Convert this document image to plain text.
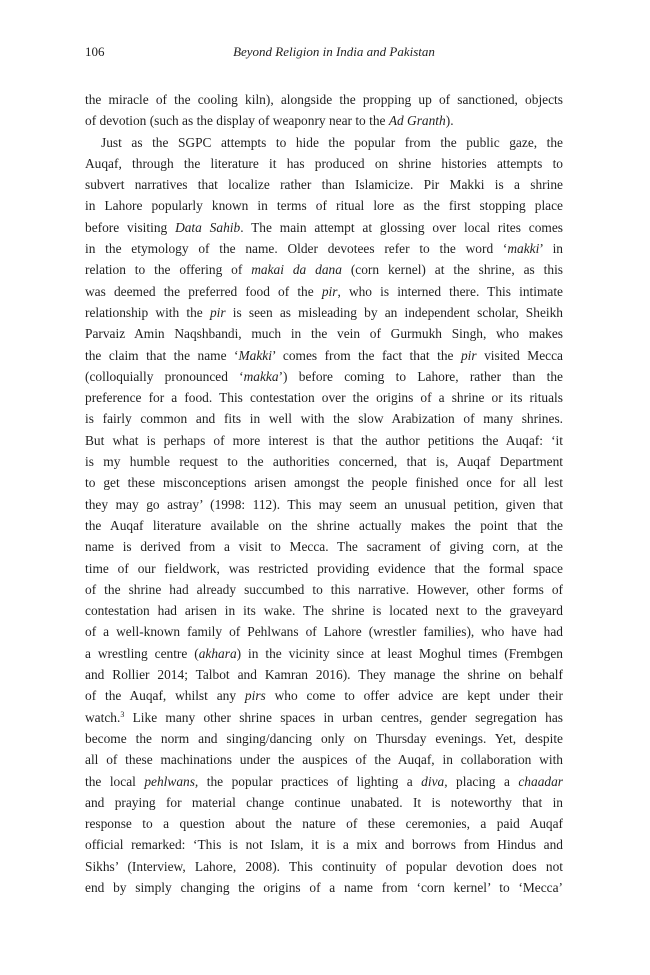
106	Beyond Religion in India and Pakistan
the miracle of the cooling kiln), alongside the propping up of sanctioned, objects
of devotion (such as the display of weaponry near to the Ad Granth).
Just as the SGPC attempts to hide the popular from the public gaze, the
Auqaf, through the literature it has produced on shrine histories attempts to
subvert narratives that localize rather than Islamicize. Pir Makki is a shrine
in Lahore popularly known in terms of ritual lore as the first stopping place
before visiting Data Sahib. The main attempt at glossing over local rites comes
in the etymology of the name. Older devotees refer to the word ‘makki’ in
relation to the offering of makai da dana (corn kernel) at the shrine, as this
was deemed the preferred food of the pir, who is interned there. This intimate
relationship with the pir is seen as misleading by an independent scholar, Sheikh
Parvaiz Amin Naqshbandi, much in the vein of Gurmukh Singh, who makes
the claim that the name ‘Makki’ comes from the fact that the pir visited Mecca
(colloquially pronounced ‘makka’) before coming to Lahore, rather than the
preference for a food. This contestation over the origins of a shrine or its rituals
is fairly common and fits in well with the slow Arabization of many shrines.
But what is perhaps of more interest is that the author petitions the Auqaf: ‘it
is my humble request to the authorities concerned, that is, Auqaf Department
to get these misconceptions arisen amongst the people finished once for all lest
they may go astray’ (1998: 112). This may seem an unusual petition, given that
the Auqaf literature available on the shrine actually makes the point that the
name is derived from a visit to Mecca. The sacrament of giving corn, at the
time of our fieldwork, was restricted providing evidence that the formal space
of the shrine had already succumbed to this narrative. However, other forms of
contestation had arisen in its wake. The shrine is located next to the graveyard
of a well-known family of Pehlwans of Lahore (wrestler families), who have had
a wrestling centre (akhara) in the vicinity since at least Moghul times (Frembgen
and Rollier 2014; Talbot and Kamran 2016). They manage the shrine on behalf
of the Auqaf, whilst any pirs who come to offer advice are kept under their
watch.$^3$ Like many other shrine spaces in urban centres, gender segregation has
become the norm and singing/dancing only on Thursday evenings. Yet, despite
all of these machinations under the auspices of the Auqaf, in collaboration with
the local pehlwans, the popular practices of lighting a diva, placing a chaadar
and praying for material change continue unabated. It is noteworthy that in
response to a question about the nature of these ceremonies, a paid Auqaf
official remarked: ‘This is not Islam, it is a mix and borrows from Hindus and
Sikhs’ (Interview, Lahore, 2008). This continuity of popular devotion does not
end by simply changing the origins of a name from ‘corn kernel’ to ‘Mecca’
